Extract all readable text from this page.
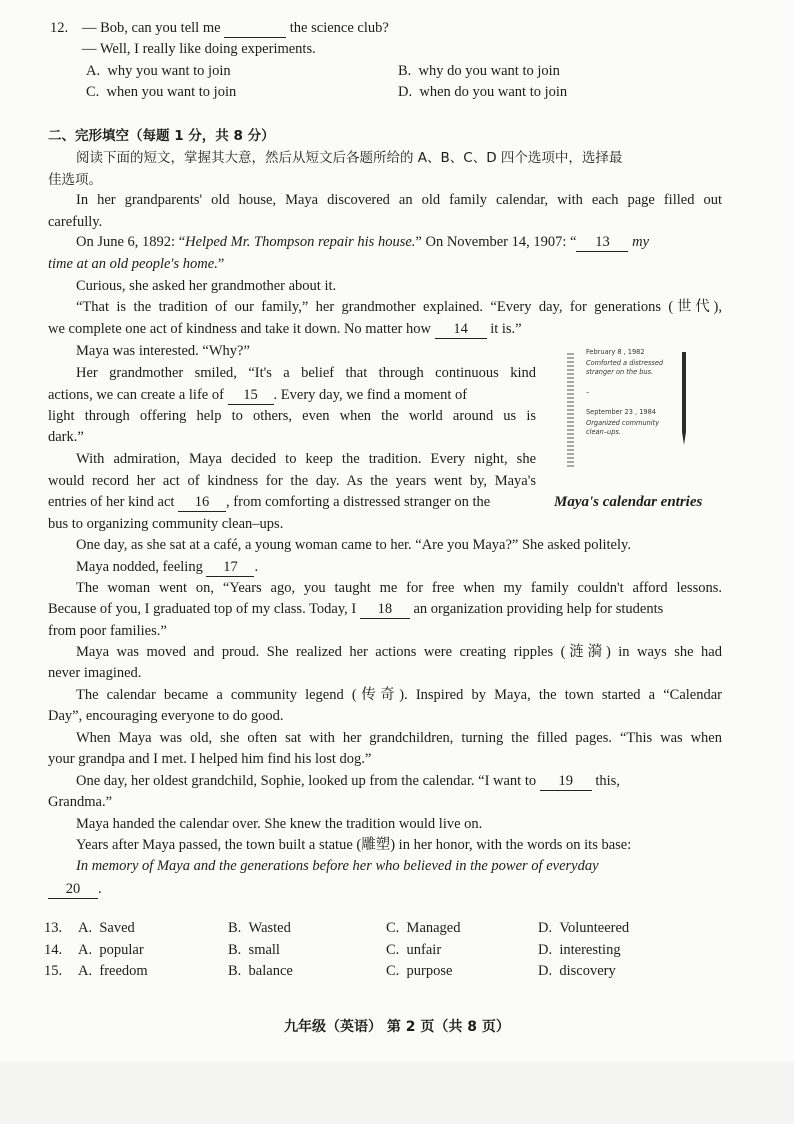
12. — Bob, can you tell me	the science club?
— Well, I really like doing experiments.
A. why you want to join	B. why do you want to join
C. when you want to join	D. when do you want to join
二、完形填空（每题 1 分，共 8 分）
阅读下面的短文，掌握其大意，然后从短文后各题所给的 A、B、C、D 四个选项中，选择最
佳选项。
In her grandparents' old house, Maya discovered an old family calendar, with each page filled out
carefully.
On June 6, 1892: “Helped Mr. Thompson repair his house.” On November 14, 1907: “ 13 my
time at an old people's home.”
Curious, she asked her grandmother about it.
“That is the tradition of our family,” her grandmother explained. “Every day, for generations (世代),
we complete one act of kindness and take it down. No matter how 14 it is.”
Maya was interested. “Why?”
Her grandmother smiled, “It's a belief that through continuous kind
actions, we can create a life of 15 . Every day, we find a moment of
light through offering help to others, even when the world around us is
dark.”
With admiration, Maya decided to keep the tradition. Every night, she
would record her act of kindness for the day. As the years went by, Maya's
entries of her kind act 16 , from comforting a distressed stranger on the
bus to organizing community clean–ups.
One day, as she sat at a café, a young woman came to her. “Are you Maya?” She asked politely.
Maya nodded, feeling 17 .
The woman went on, “Years ago, you taught me for free when my family couldn't afford lessons.
Because of you, I graduated top of my class. Today, I 18 an organization providing help for students
from poor families.”
Maya was moved and proud. She realized her actions were creating ripples (涟漪) in ways she had
never imagined.
The calendar became a community legend (传奇). Inspired by Maya, the town started a “Calendar
Day”, encouraging everyone to do good.
When Maya was old, she often sat with her grandchildren, turning the filled pages. “This was when
your grandpa and I met. I helped him find his lost dog.”
One day, her oldest grandchild, Sophie, looked up from the calendar. “I want to 19 this,
Grandma.”
Maya handed the calendar over. She knew the tradition would live on.
Years after Maya passed, the town built a statue (雕塑) in her honor, with the words on its base:
In memory of Maya and the generations before her who believed in the power of everyday
20 .
February 8 , 1982
Comforted a distressed
stranger on the bus.
–
September 23 , 1984
Organized community
clean–ups.
Maya's calendar entries
13. A. Saved	B. Wasted	C. Managed	D. Volunteered
14. A. popular	B. small	C. unfair	D. interesting
15. A. freedom	B. balance	C. purpose	D. discovery
九年级（英语） 第 2 页（共 8 页）
